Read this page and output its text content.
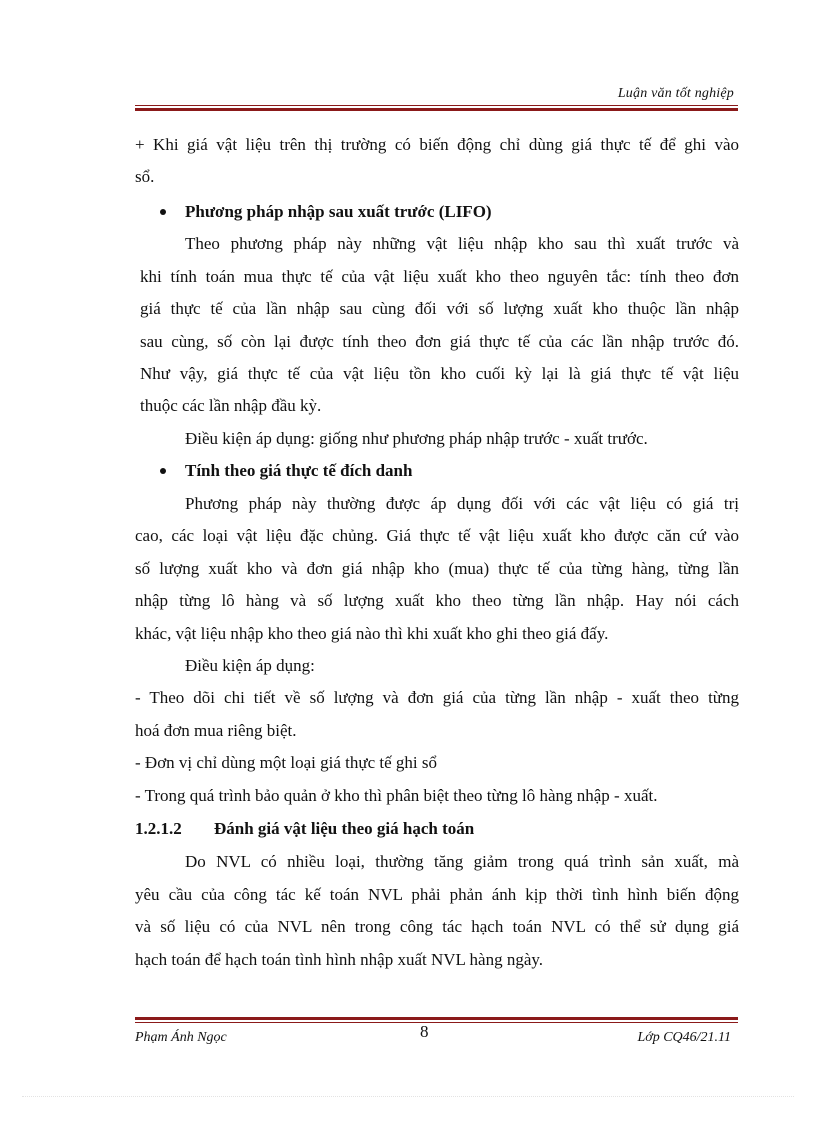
Luận văn tốt nghiệp
+ Khi giá vật liệu trên thị trường có biến động chỉ dùng giá thực tế để ghi vào
sổ.
Phương pháp nhập sau xuất trước (LIFO)
Theo phương pháp này những vật liệu nhập kho sau thì xuất trước và
khi tính toán mua thực tế của vật liệu xuất kho theo nguyên tắc: tính theo đơn
giá thực tế của lần nhập sau cùng đối với số lượng xuất kho thuộc lần nhập
sau cùng, số còn lại được tính theo đơn giá thực tế của các lần nhập trước đó.
Như vậy, giá thực tế của vật liệu tồn kho cuối kỳ lại là giá thực tế vật liệu
thuộc các lần nhập đầu kỳ.
Điều kiện áp dụng: giống như phương pháp nhập trước - xuất trước.
Tính theo giá thực tế đích danh
Phương pháp này thường được áp dụng đối với các vật liệu có giá trị
cao, các loại vật liệu đặc chủng. Giá thực tế vật liệu xuất kho được căn cứ vào
số lượng xuất kho và đơn giá nhập kho (mua) thực tế của từng hàng, từng lần
nhập từng lô hàng và số lượng xuất kho theo từng lần nhập. Hay nói cách
khác, vật liệu nhập kho theo giá nào thì khi xuất kho ghi theo giá đấy.
Điều kiện áp dụng:
- Theo dõi chi tiết về số lượng và đơn giá của từng lần nhập - xuất theo từng
hoá đơn mua riêng biệt.
- Đơn vị chỉ dùng một loại giá thực tế ghi sổ
- Trong quá trình bảo quản ở kho thì phân biệt theo từng lô hàng nhập - xuất.
1.2.1.2 Đánh giá vật liệu theo giá hạch toán
Do NVL có nhiều loại, thường tăng giảm trong quá trình sản xuất, mà
yêu cầu của công tác kế toán NVL phải phản ánh kịp thời tình hình biến động
và số liệu có của NVL nên trong công tác hạch toán NVL có thể sử dụng giá
hạch toán để hạch toán tình hình nhập xuất NVL hàng ngày.
Phạm Ánh Ngọc	8	Lớp CQ46/21.11
